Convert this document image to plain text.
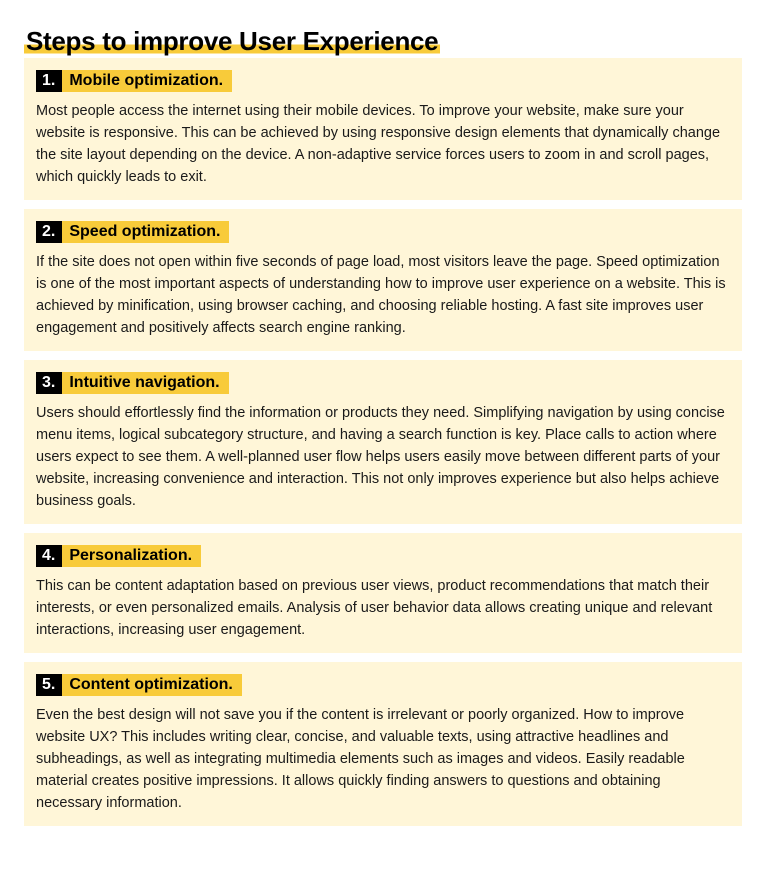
Steps to improve User Experience
1. Mobile optimization.

Most people access the internet using their mobile devices. To improve your website, make sure your website is responsive. This can be achieved by using responsive design elements that dynamically change the site layout depending on the device. A non-adaptive service forces users to zoom in and scroll pages, which quickly leads to exit.

2. Speed optimization.

If the site does not open within five seconds of page load, most visitors leave the page. Speed optimization is one of the most important aspects of understanding how to improve user experience on a website. This is achieved by minification, using browser caching, and choosing reliable hosting. A fast site improves user engagement and positively affects search engine ranking.

3. Intuitive navigation.

Users should effortlessly find the information or products they need. Simplifying navigation by using concise menu items, logical subcategory structure, and having a search function is key. Place calls to action where users expect to see them. A well-planned user flow helps users easily move between different parts of your website, increasing convenience and interaction. This not only improves experience but also helps achieve business goals.

4. Personalization.

This can be content adaptation based on previous user views, product recommendations that match their interests, or even personalized emails. Analysis of user behavior data allows creating unique and relevant interactions, increasing user engagement.

5. Content optimization.

Even the best design will not save you if the content is irrelevant or poorly organized. How to improve website UX? This includes writing clear, concise, and valuable texts, using attractive headlines and subheadings, as well as integrating multimedia elements such as images and videos. Easily readable material creates positive impressions. It allows quickly finding answers to questions and obtaining necessary information.
